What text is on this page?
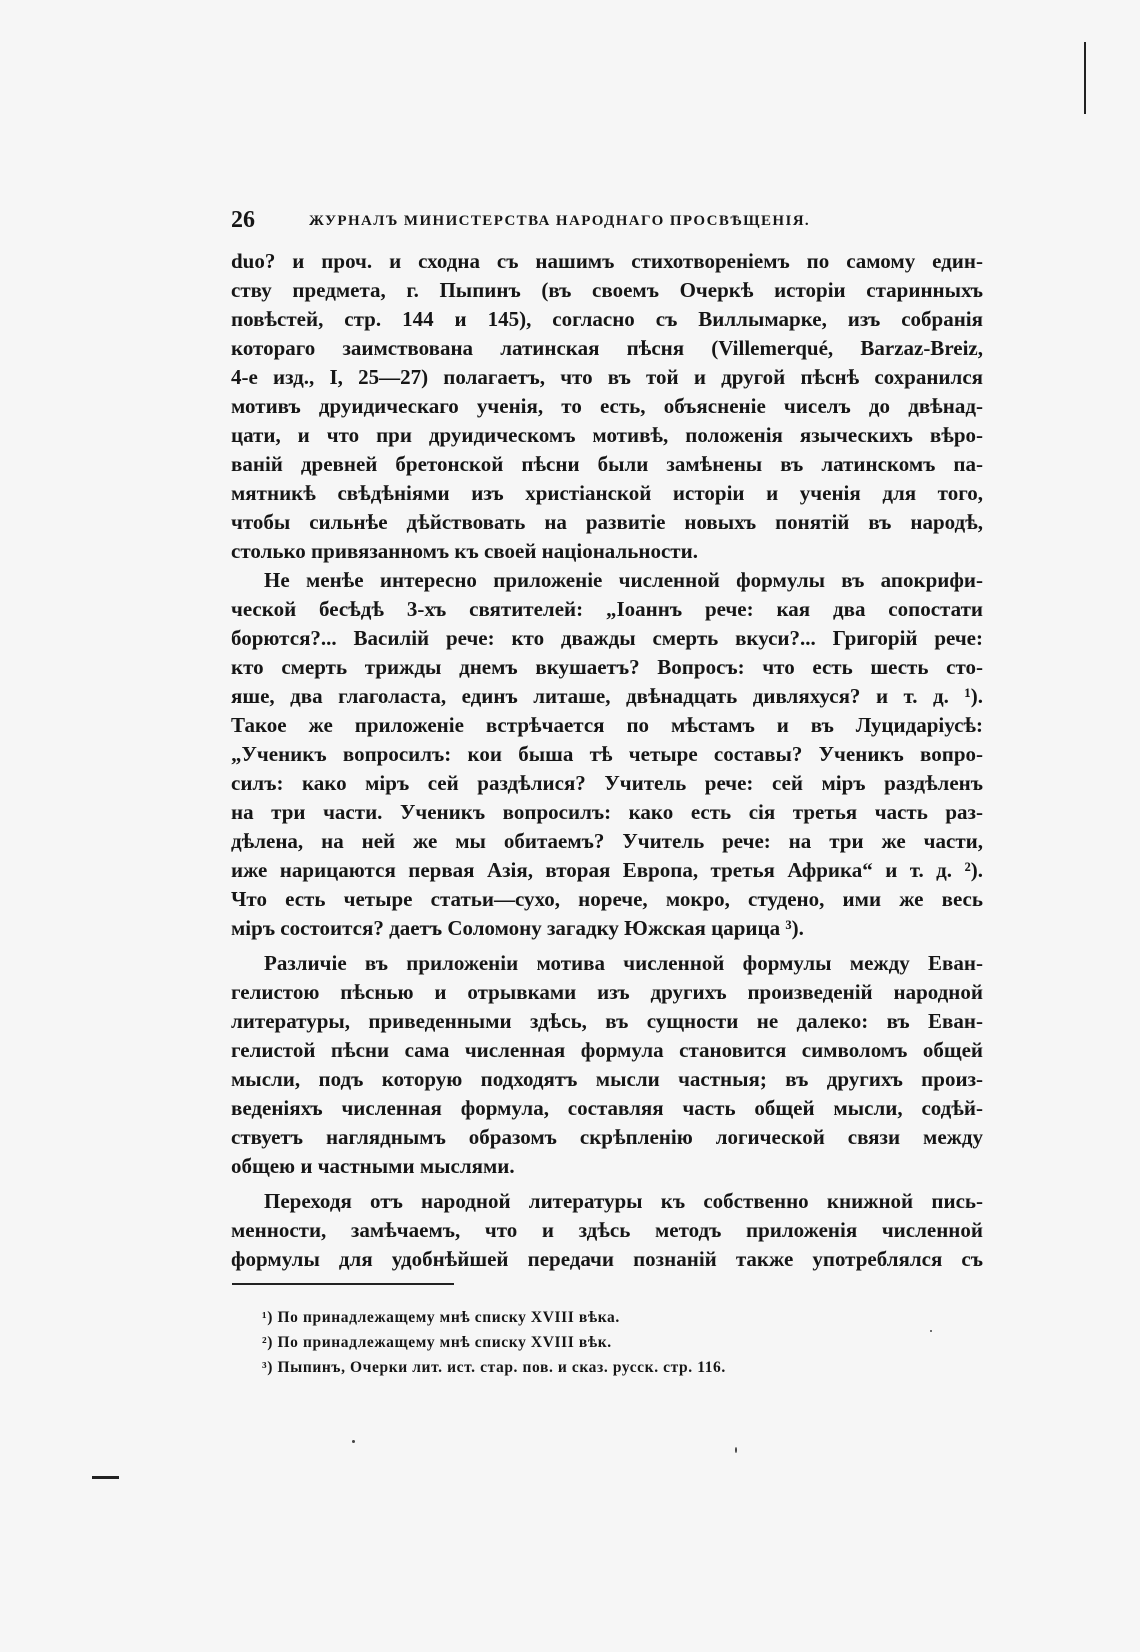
26	ЖУРНАЛЪ МИНИСТЕРСТВА НАРОДНАГО ПРОСВѢЩЕНІЯ.
duo? и проч. и сходна съ нашимъ стихотвореніемъ по самому един-
ству предмета, г. Пыпинъ (въ своемъ Очеркѣ исторіи старинныхъ
повѣстей, стр. 144 и 145), согласно съ Виллымарке, изъ собранія
котораго заимствована латинская пѣсня (Villemerqué, Barzaz-Breiz,
4-е изд., I, 25—27) полагаетъ, что въ той и другой пѣснѣ сохранился
мотивъ друидическаго ученія, то есть, объясненіе чиселъ до двѣнад-
цати, и что при друидическомъ мотивѣ, положенія языческихъ вѣро-
ваній древней бретонской пѣсни были замѣнены въ латинскомъ па-
мятникѣ свѣдѣніями изъ христіанской исторіи и ученія для того,
чтобы сильнѣе дѣйствовать на развитіе новыхъ понятій въ народѣ,
столько привязанномъ къ своей національности.
Не менѣе интересно приложеніе численной формулы въ апокрифи-
ческой бесѣдѣ 3-хъ святителей: „Іоаннъ рече: кая два сопостати
борются?... Василій рече: кто дважды смерть вкуси?... Григорій рече:
кто смерть трижды днемъ вкушаетъ? Вопросъ: что есть шесть сто-
яше, два глаголаста, единъ литаше, двѣнадцать дивляхуся? и т. д. ¹).
Такое же приложеніе встрѣчается по мѣстамъ и въ Луцидаріусѣ:
„Ученикъ вопросилъ: кои быша тѣ четыре составы? Ученикъ вопро-
силъ: како міръ сей раздѣлися? Учитель рече: сей міръ раздѣленъ
на три части. Ученикъ вопросилъ: како есть сія третья часть раз-
дѣлена, на ней же мы обитаемъ? Учитель рече: на три же части,
иже нарицаются первая Азія, вторая Европа, третья Африка“ и т. д. ²).
Что есть четыре статьи—сухо, норече, мокро, студено, ими же весь
міръ состоится? даетъ Соломону загадку Южская царица ³).
Различіе въ приложеніи мотива численной формулы между Еван-
гелистою пѣснью и отрывками изъ другихъ произведеній народной
литературы, приведенными здѣсь, въ сущности не далеко: въ Еван-
гелистой пѣсни сама численная формула становится символомъ общей
мысли, подъ которую подходятъ мысли частныя; въ другихъ произ-
веденіяхъ численная формула, составляя часть общей мысли, содѣй-
ствуетъ нагляднымъ образомъ скрѣпленію логической связи между
общею и частными мыслями.
Переходя отъ народной литературы къ собственно книжной пись-
менности, замѣчаемъ, что и здѣсь методъ приложенія численной
формулы для удобнѣйшей передачи познаній также употреблялся съ
¹) По принадлежащему мнѣ списку XVIII вѣка.
²) По принадлежащему мнѣ списку XVIII вѣк.
³) Пыпинъ, Очерки лит. ист. стар. пов. и сказ. русск. стр. 116.
